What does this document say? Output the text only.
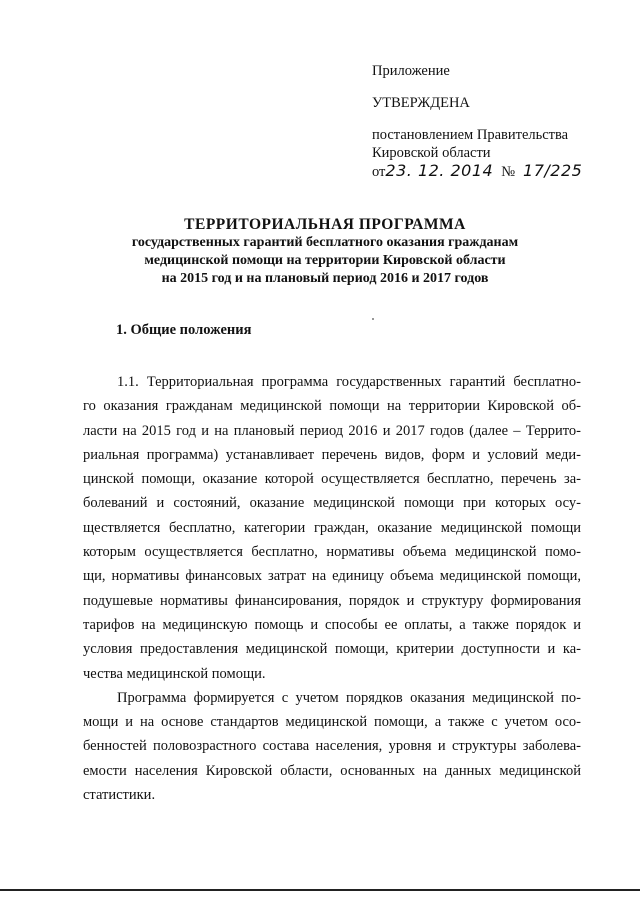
Приложение
УТВЕРЖДЕНА
постановлением Правительства
Кировской области
от23. 12. 2014 № 17/225
ТЕРРИТОРИАЛЬНАЯ ПРОГРАММА
государственных гарантий бесплатного оказания гражданам
медицинской помощи на территории Кировской области
на 2015 год и на плановый период 2016 и 2017 годов
1. Общие положения
1.1. Территориальная программа государственных гарантий бесплатно-
го оказания гражданам медицинской помощи на территории Кировской об-
ласти на 2015 год и на плановый период 2016 и 2017 годов (далее – Террито-
риальная программа) устанавливает перечень видов, форм и условий меди-
цинской помощи, оказание которой осуществляется бесплатно, перечень за-
болеваний и состояний, оказание медицинской помощи при которых осу-
ществляется бесплатно, категории граждан, оказание медицинской помощи
которым осуществляется бесплатно, нормативы объема медицинской помо-
щи, нормативы финансовых затрат на единицу объема медицинской помощи,
подушевые нормативы финансирования, порядок и структуру формирования
тарифов на медицинскую помощь и способы ее оплаты, а также порядок и
условия предоставления медицинской помощи, критерии доступности и ка-
чества медицинской помощи.
Программа формируется с учетом порядков оказания медицинской по-
мощи и на основе стандартов медицинской помощи, а также с учетом осо-
бенностей половозрастного состава населения, уровня и структуры заболева-
емости населения Кировской области, основанных на данных медицинской
статистики.
